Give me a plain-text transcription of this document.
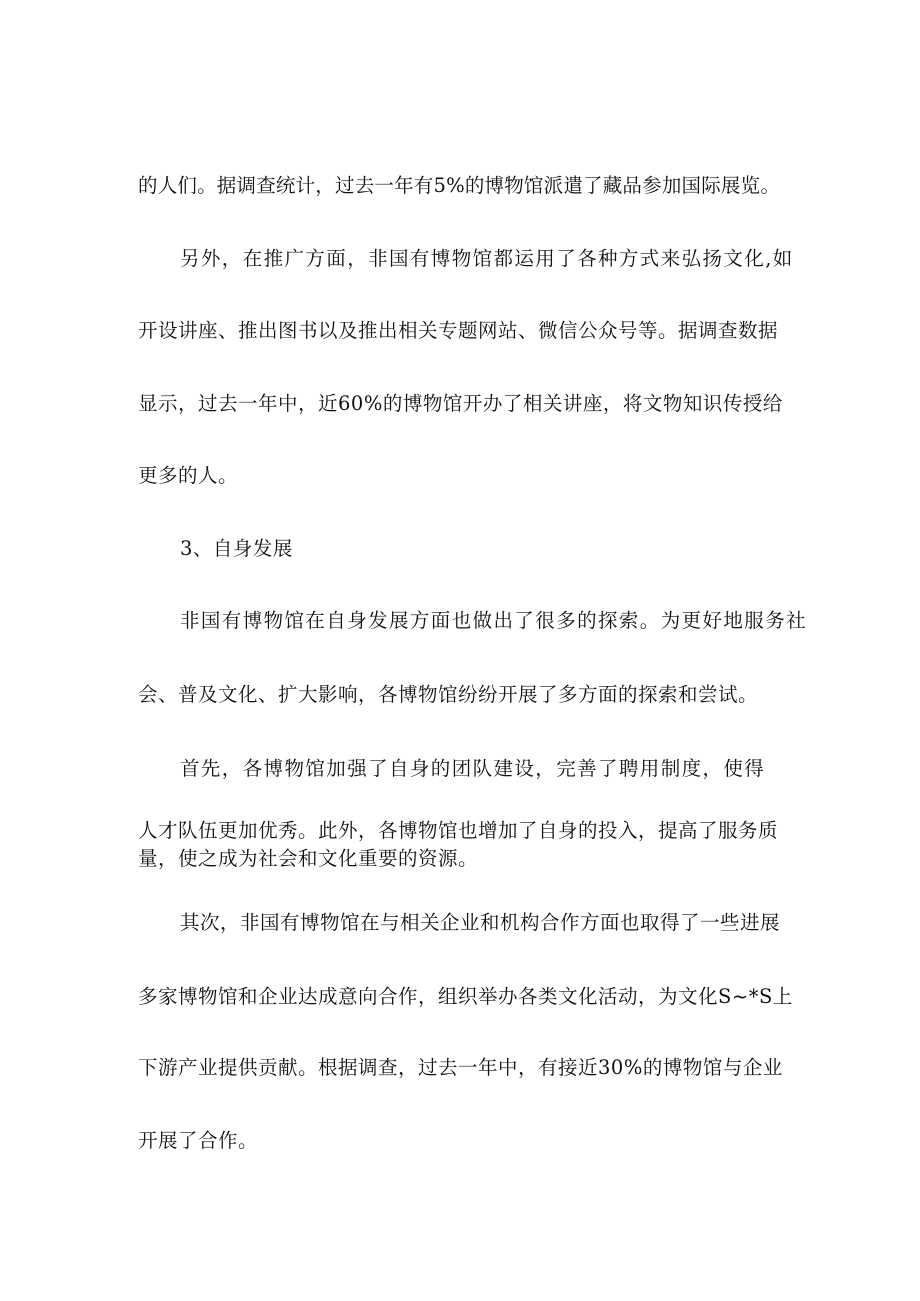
的人们。据调查统计，过去一年有5%的博物馆派遣了藏品参加国际展览。
另外，在推广方面，非国有博物馆都运用了各种方式来弘扬文化,如
开设讲座、推出图书以及推出相关专题网站、微信公众号等。据调查数据
显示，过去一年中，近60%的博物馆开办了相关讲座，将文物知识传授给
更多的人。
3、自身发展
非国有博物馆在自身发展方面也做出了很多的探索。为更好地服务社
会、普及文化、扩大影响，各博物馆纷纷开展了多方面的探索和尝试。
首先，各博物馆加强了自身的团队建设，完善了聘用制度，使得
人才队伍更加优秀。此外，各博物馆也增加了自身的投入，提高了服务质
量，使之成为社会和文化重要的资源。
其次，非国有博物馆在与相关企业和机构合作方面也取得了一些进展
多家博物馆和企业达成意向合作，组织举办各类文化活动，为文化S~*S上
下游产业提供贡献。根据调查，过去一年中，有接近30%的博物馆与企业
开展了合作。
